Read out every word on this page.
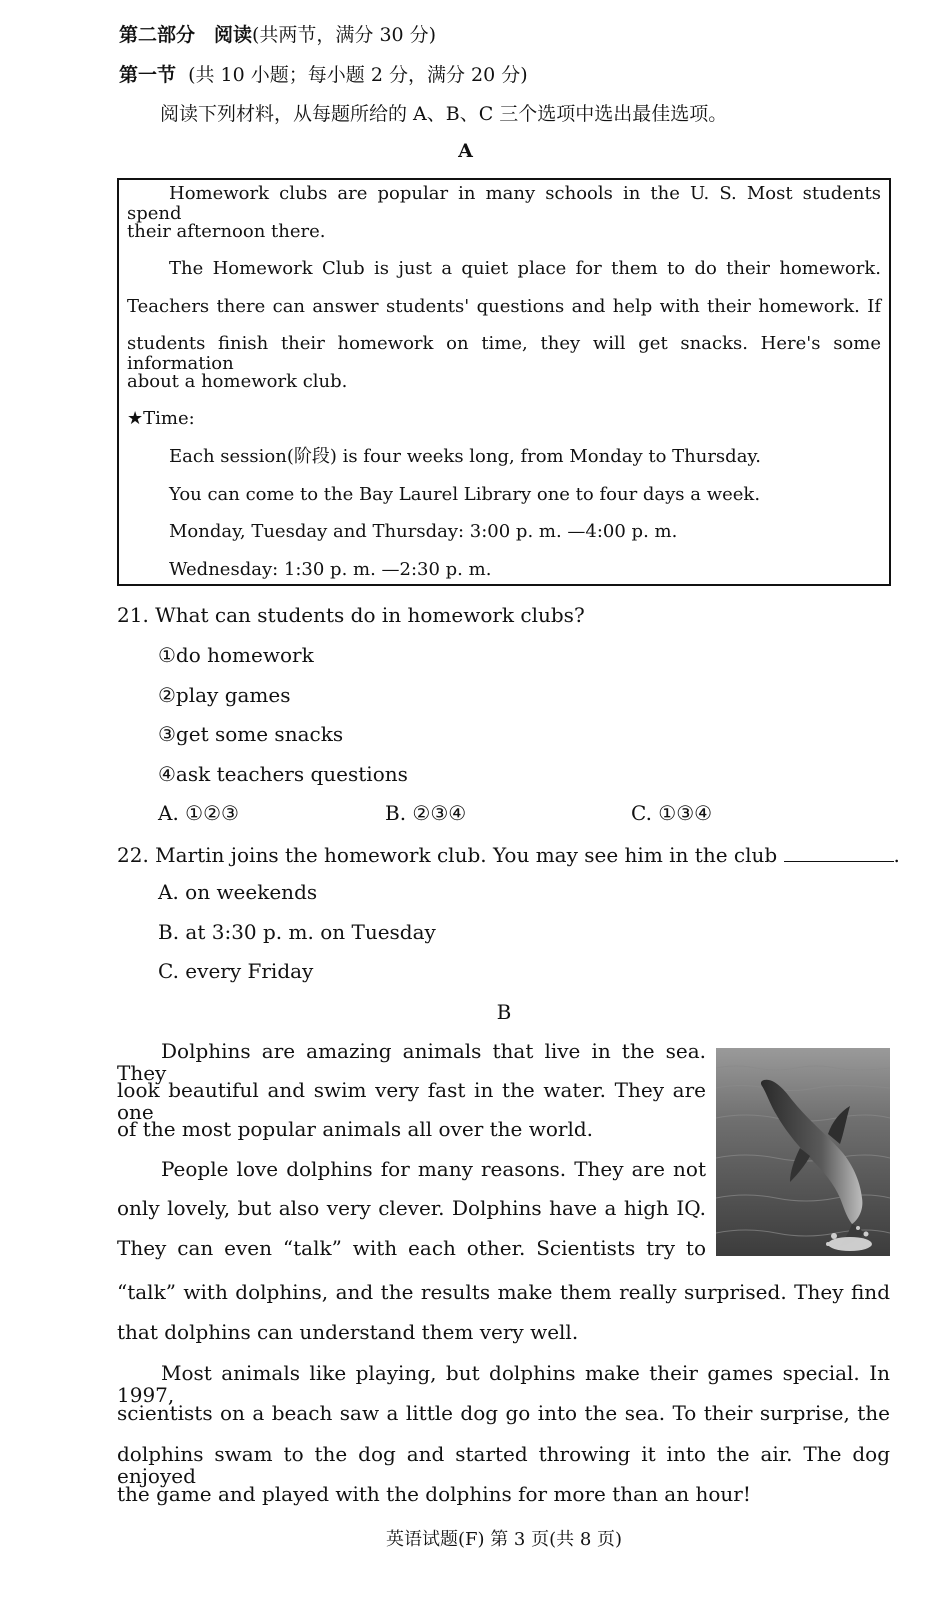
第二部分　阅读(共两节，满分 30 分)
第一节 (共 10 小题；每小题 2 分，满分 20 分)
阅读下列材料，从每题所给的 A、B、C 三个选项中选出最佳选项。
A
Homework clubs are popular in many schools in the U. S. Most students spend
their afternoon there.
The Homework Club is just a quiet place for them to do their homework.
Teachers there can answer students' questions and help with their homework. If
students finish their homework on time, they will get snacks. Here's some information
about a homework club.
★Time:
Each session(阶段) is four weeks long, from Monday to Thursday.
You can come to the Bay Laurel Library one to four days a week.
Monday, Tuesday and Thursday: 3:00 p. m. —4:00 p. m.
Wednesday: 1:30 p. m. —2:30 p. m.
21. What can students do in homework clubs?
①do homework
②play games
③get some snacks
④ask teachers questions
A. ①②③	B. ②③④	C. ①③④
22. Martin joins the homework club. You may see him in the club	.
A. on weekends
B. at 3:30 p. m. on Tuesday
C. every Friday
B
Dolphins are amazing animals that live in the sea. They
look beautiful and swim very fast in the water. They are one
of the most popular animals all over the world.
People love dolphins for many reasons. They are not
only lovely, but also very clever. Dolphins have a high IQ.
They can even “talk” with each other. Scientists try to
“talk” with dolphins, and the results make them really surprised. They find
that dolphins can understand them very well.
Most animals like playing, but dolphins make their games special. In 1997,
scientists on a beach saw a little dog go into the sea. To their surprise, the
dolphins swam to the dog and started throwing it into the air. The dog enjoyed
the game and played with the dolphins for more than an hour!
英语试题(F) 第 3 页(共 8 页)
